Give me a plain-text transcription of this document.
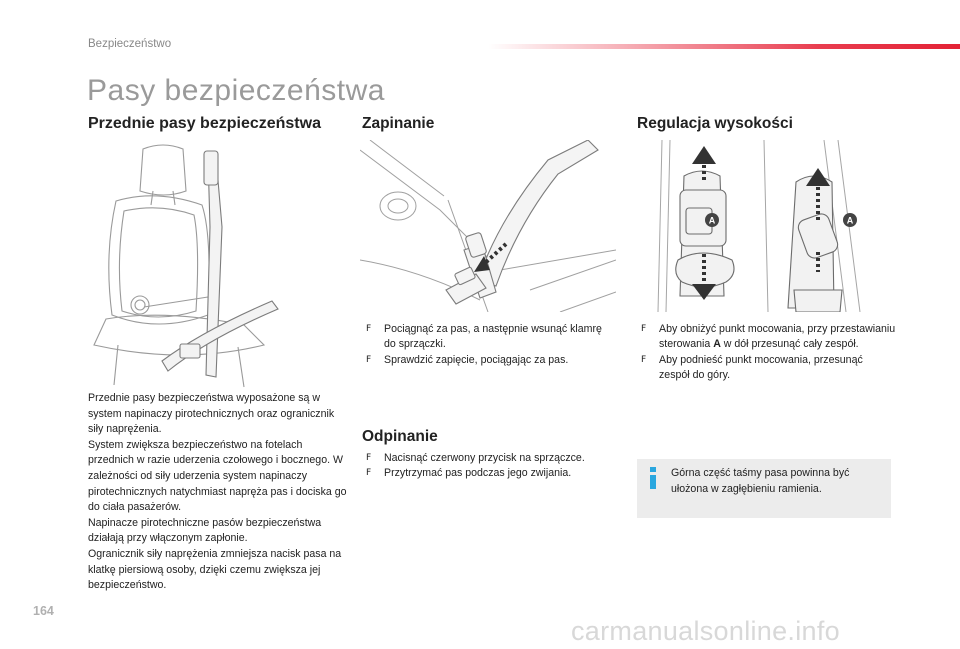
Bezpieczeństwo
Pasy bezpieczeństwa
Przednie pasy bezpieczeństwa
Przednie pasy bezpieczeństwa wyposażone są w system napinaczy pirotechnicznych oraz ogranicznik siły naprężenia.
System zwiększa bezpieczeństwo na fotelach przednich w razie uderzenia czołowego i bocznego. W zależności od siły uderzenia system napinaczy pirotechnicznych natychmiast napręża pas i dociska go do ciała pasażerów.
Napinacze pirotechniczne pasów bezpieczeństwa działają przy włączonym zapłonie.
Ogranicznik siły naprężenia zmniejsza nacisk pasa na klatkę piersiową osoby, dzięki czemu zwiększa jej bezpieczeństwo.
Zapinanie
F Pociągnąć za pas, a następnie wsunąć klamrę do sprzączki.
F Sprawdzić zapięcie, pociągając za pas.
Odpinanie
F Nacisnąć czerwony przycisk na sprzączce.
F Przytrzymać pas podczas jego zwijania.
Regulacja wysokości
A	A
F Aby obniżyć punkt mocowania, przy przestawianiu sterowania A w dół przesunąć cały zespół.
F Aby podnieść punkt mocowania, przesunąć zespół do góry.
Górna część taśmy pasa powinna być ułożona w zagłębieniu ramienia.
164
carmanualsonline.info
